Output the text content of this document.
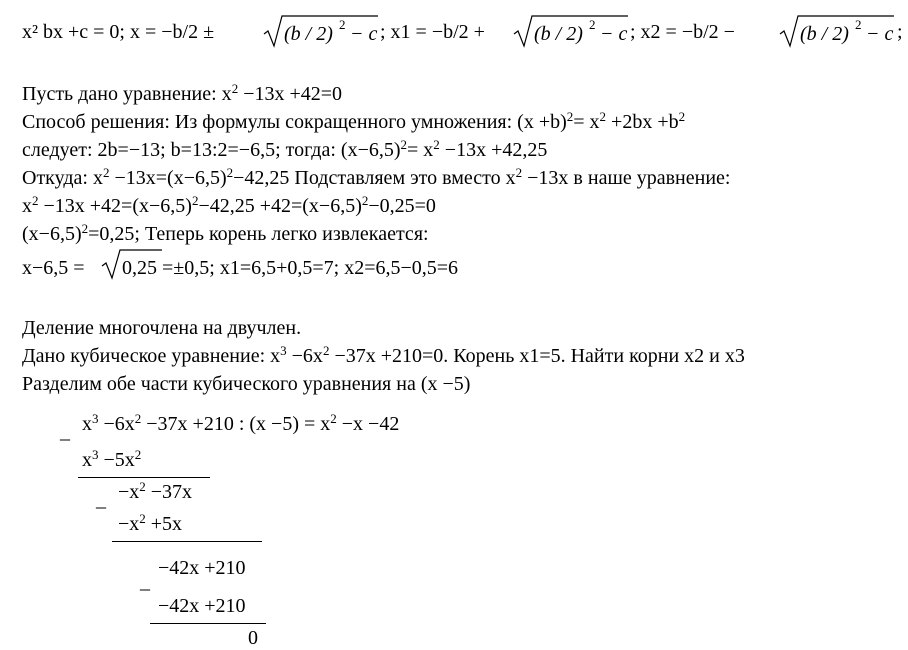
x² bx +c = 0; x = −b/2 ±	(b / 2) 2 − c ; x1 = −b/2 + (b / 2) 2 − c ; x2 = −b/2 −	(b / 2) 2 − c ;
Пусть дано уравнение: $x^2 -13x +42=0$
Способ решения: Из формулы сокращенного умножения: $(x +b)^2= x^2 +2bx +b^2$
следует: 2b=−13; b=13:2=−6,5; тогда: $(x-6,5)^2= x^2 -13x +42,25$
Откуда: $x^2 -13x=(x-6,5)^2-42,25$ Подставляем это вместо $x^2 -13x$ в наше уравнение:
$x^2 -13x +42=(x-6,5)^2-42,25 +42=(x-6,5)^2-0,25=0$
$(x-6,5)^2=0,25$; Теперь корень легко извлекается:
x−6,5 = 0,25 =±0,5; x1=6,5+0,5=7; x2=6,5−0,5=6
Деление многочлена на двучлен.
Дано кубическое уравнение: $x^3 -6x^2 -37x +210=0$. Корень x1=5. Найти корни x2 и x3
Разделим обе части кубического уравнения на (x −5)
_ $x^3 -6x^2 -37x +210$ : $(x -5) = x^2 -x -42$
$x^3 -5x^2$
_ $-x^2 -37x$
$-x^2 +5x$
_
−42x +210
−42x +210
0
